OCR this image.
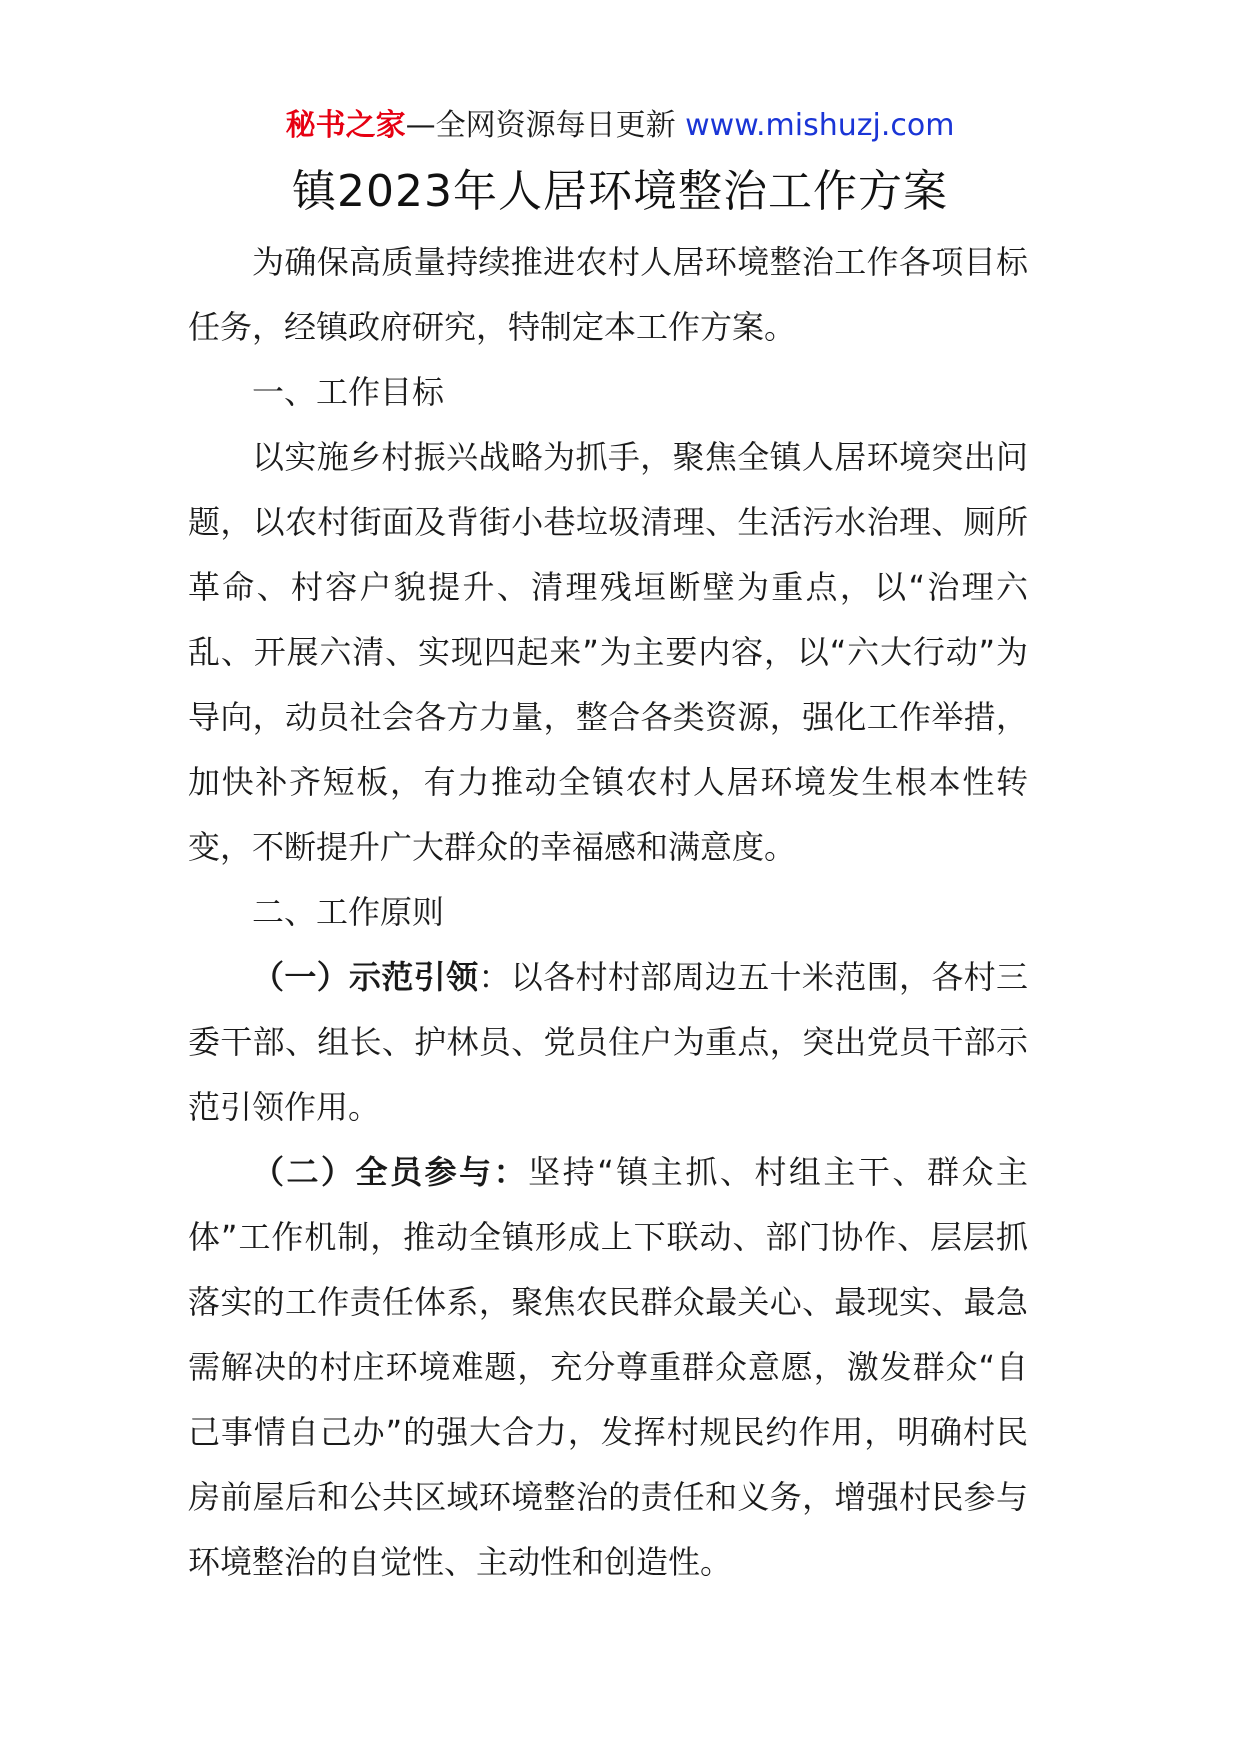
秘书之家—全网资源每日更新 www.mishuzj.com
镇2023年人居环境整治工作方案

为确保高质量持续推进农村人居环境整治工作各项目标任务，经镇政府研究，特制定本工作方案。

一、工作目标

以实施乡村振兴战略为抓手，聚焦全镇人居环境突出问题，以农村街面及背街小巷垃圾清理、生活污水治理、厕所革命、村容户貌提升、清理残垣断壁为重点，以“治理六乱、开展六清、实现四起来”为主要内容，以“六大行动”为导向，动员社会各方力量，整合各类资源，强化工作举措，加快补齐短板，有力推动全镇农村人居环境发生根本性转变，不断提升广大群众的幸福感和满意度。

二、工作原则

（一）示范引领：以各村村部周边五十米范围，各村三委干部、组长、护林员、党员住户为重点，突出党员干部示范引领作用。

（二）全员参与：坚持“镇主抓、村组主干、群众主体”工作机制，推动全镇形成上下联动、部门协作、层层抓落实的工作责任体系，聚焦农民群众最关心、最现实、最急需解决的村庄环境难题，充分尊重群众意愿，激发群众“自己事情自己办”的强大合力，发挥村规民约作用，明确村民房前屋后和公共区域环境整治的责任和义务，增强村民参与环境整治的自觉性、主动性和创造性。
